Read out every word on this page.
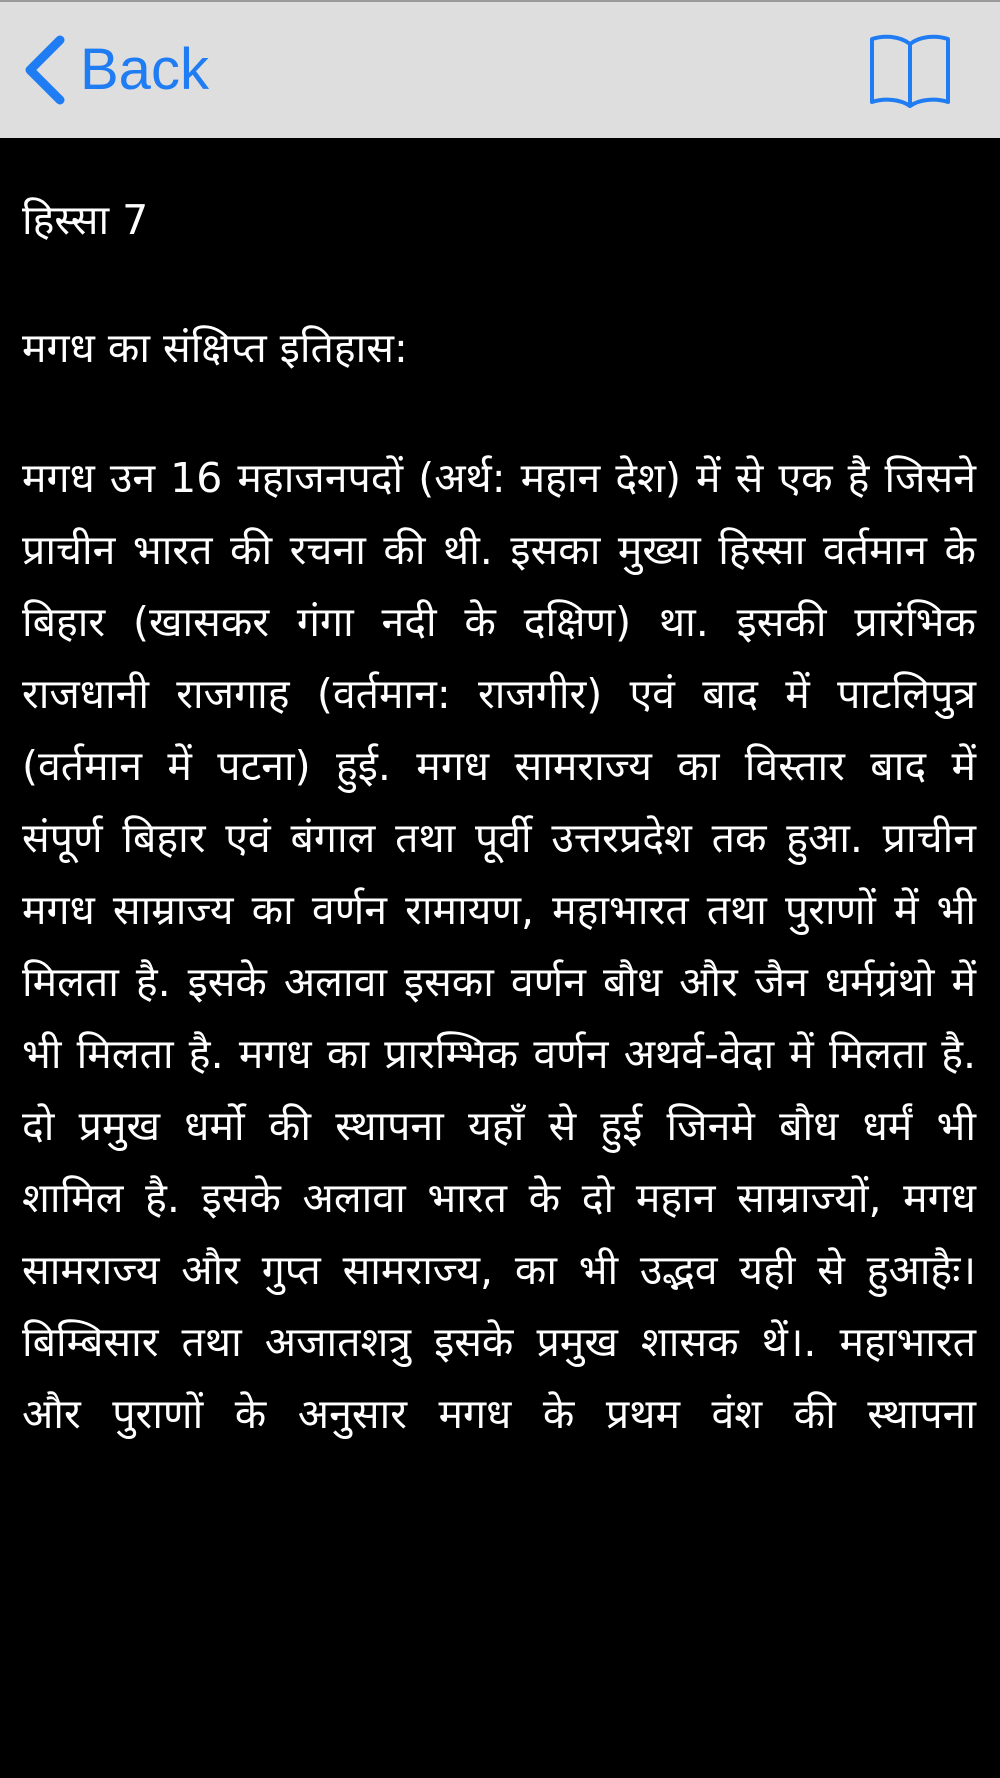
Back
हिस्सा 7
मगध का संक्षिप्त इतिहास:

मगध उन 16 महाजनपदों (अर्थ: महान देश) में से एक है जिसने प्राचीन भारत की रचना की थी. इसका मुख्या हिस्सा वर्तमान के बिहार (खासकर गंगा नदी के दक्षिण) था. इसकी प्रारंभिक राजधानी राजगाह (वर्तमान: राजगीर) एवं बाद में पाटलिपुत्र (वर्तमान में पटना) हुई. मगध सामराज्य का विस्तार बाद में संपूर्ण बिहार एवं बंगाल तथा पूर्वी उत्तरप्रदेश तक हुआ. प्राचीन मगध साम्राज्य का वर्णन रामायण, महाभारत तथा पुराणों में भी मिलता है. इसके अलावा इसका वर्णन बौध और जैन धर्मग्रंथो में भी मिलता है. मगध का प्रारम्भिक वर्णन अथर्व-वेदा में मिलता है. दो प्रमुख धर्मो की स्थापना यहाँ से हुई जिनमे बौध धर्मं भी शामिल है. इसके अलावा भारत के दो महान साम्राज्यों, मगध सामराज्य और गुप्त सामराज्य, का भी उद्भव यही से हुआहैः। बिम्बिसार तथा अजातशत्रु इसके प्रमुख शासक थें।. महाभारत और पुराणों के अनुसार मगध के प्रथम वंश की स्थापना
